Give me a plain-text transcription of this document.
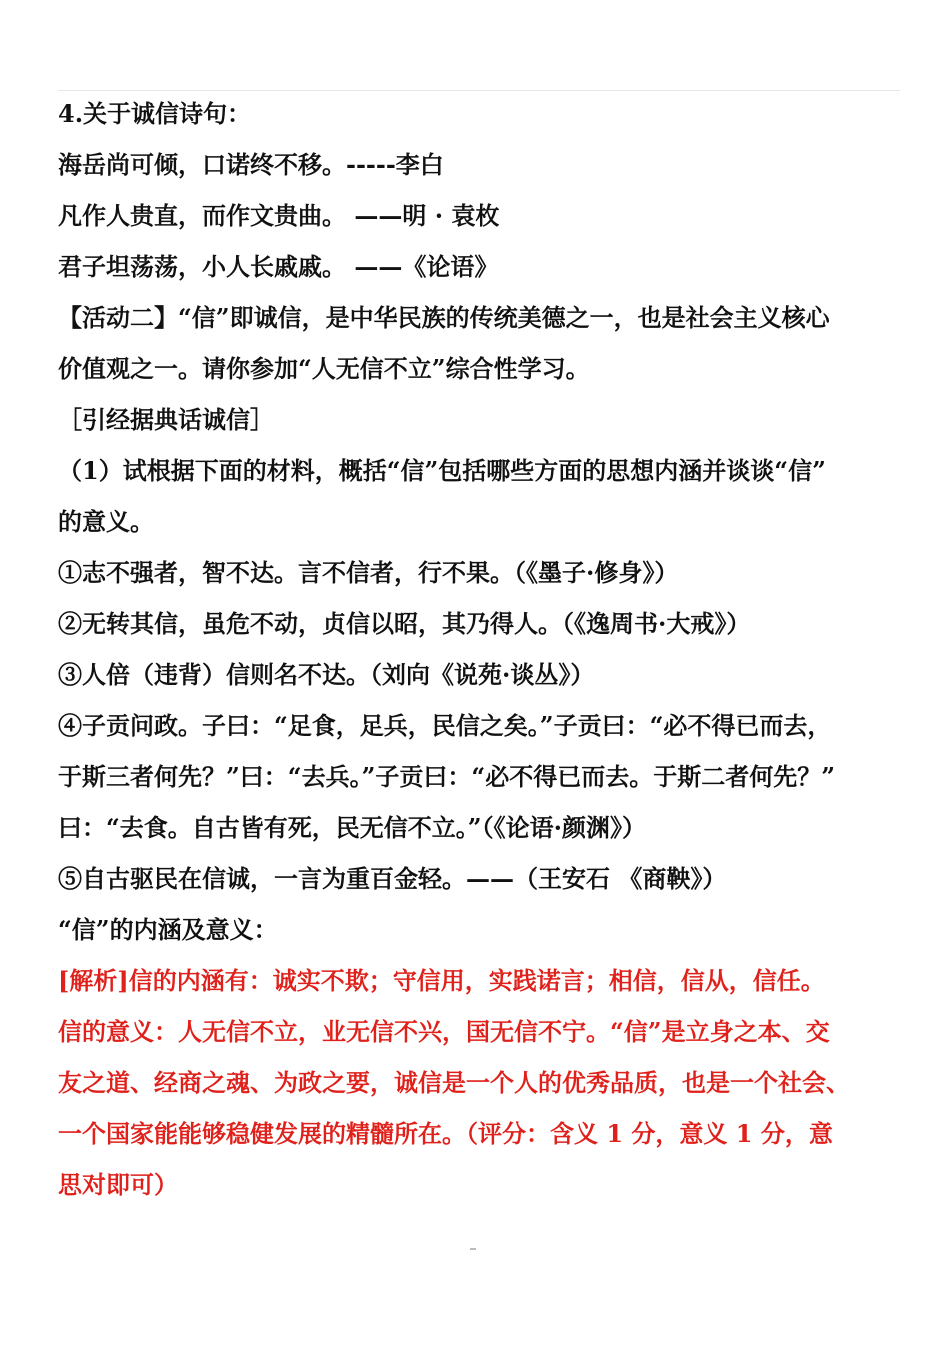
4.关于诚信诗句：
海岳尚可倾，口诺终不移。-----李白
凡作人贵直，而作文贵曲。 ——明 · 袁枚
君子坦荡荡，小人长戚戚。 ——《论语》
【活动二】“信”即诚信，是中华民族的传统美德之一，也是社会主义核心
价值观之一。请你参加“人无信不立”综合性学习。
［引经据典话诚信］
（1）试根据下面的材料，概括“信”包括哪些方面的思想内涵并谈谈“信”
的意义。
①志不强者，智不达。言不信者，行不果。（《墨子·修身》）
②无转其信，虽危不动，贞信以昭，其乃得人。（《逸周书·大戒》）
③人倍（违背）信则名不达。（刘向《说苑·谈丛》）
④子贡问政。子曰：“足食，足兵，民信之矣。”子贡曰：“必不得已而去，
于斯三者何先？”曰：“去兵。”子贡曰：“必不得已而去。于斯二者何先？”
曰：“去食。自古皆有死，民无信不立。”（《论语·颜渊》）
⑤自古驱民在信诚，一言为重百金轻。——（王安石 《商鞅》）
“信”的内涵及意义：
[解析]信的内涵有：诚实不欺；守信用，实践诺言；相信，信从，信任。
信的意义：人无信不立，业无信不兴，国无信不宁。“信”是立身之本、交
友之道、经商之魂、为政之要，诚信是一个人的优秀品质，也是一个社会、
一个国家能能够稳健发展的精髓所在。（评分：含义 1 分，意义 1 分，意
思对即可）
